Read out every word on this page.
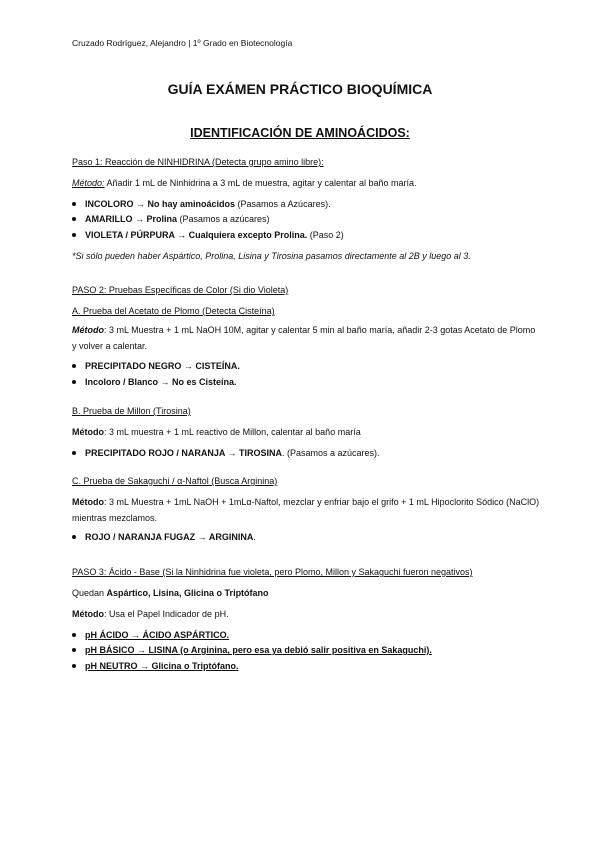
Cruzado Rodríguez, Alejandro | 1º Grado en Biotecnología
GUÍA EXÁMEN PRÁCTICO BIOQUÍMICA
IDENTIFICACIÓN DE AMINOÁCIDOS:
Paso 1: Reacción de NINHIDRINA (Detecta grupo amino libre):
Método: Añadir 1 mL de Ninhidrina a 3 mL de muestra, agitar y calentar al baño maría.
INCOLORO → No hay aminoácidos (Pasamos a Azúcares).
AMARILLO → Prolina (Pasamos a azúcares)
VIOLETA / PÚRPURA → Cualquiera excepto Prolina. (Paso 2)
*Si sólo pueden haber Aspártico, Prolina, Lisina y Tirosina pasamos directamente al 2B y luego al 3.
PASO 2: Pruebas Específicas de Color (Si dio Violeta)
A. Prueba del Acetato de Plomo (Detecta Cisteína)
Método: 3 mL Muestra + 1 mL NaOH 10M, agitar y calentar 5 min al baño maría, añadir 2-3 gotas Acetato de Plomo y volver a calentar.
PRECIPITADO NEGRO → CISTEÍNA.
Incoloro / Blanco → No es Cisteína.
B. Prueba de Millon (Tirosina)
Método: 3 mL muestra + 1 mL reactivo de Millon, calentar al baño maría
PRECIPITADO ROJO / NARANJA → TIROSINA. (Pasamos a azúcares).
C. Prueba de Sakaguchi / α-Naftol (Busca Arginina)
Método: 3 mL Muestra + 1mL NaOH + 1mLα-Naftol, mezclar y enfriar bajo el grifo + 1 mL Hipoclorito Sódico (NaClO) mientras mezclamos.
ROJO / NARANJA FUGAZ → ARGININA.
PASO 3: Ácido - Base (Si la Ninhidrina fue violeta, pero Plomo, Millon y Sakaguchi fueron negativos)
Quedan Aspártico, Lisina, Glicina o Triptófano
Método: Usa el Papel Indicador de pH.
pH ÁCIDO → ÁCIDO ASPÁRTICO.
pH BÁSICO → LISINA (o Arginina, pero esa ya debió salir positiva en Sakaguchi).
pH NEUTRO → Glicina o Triptófano.
